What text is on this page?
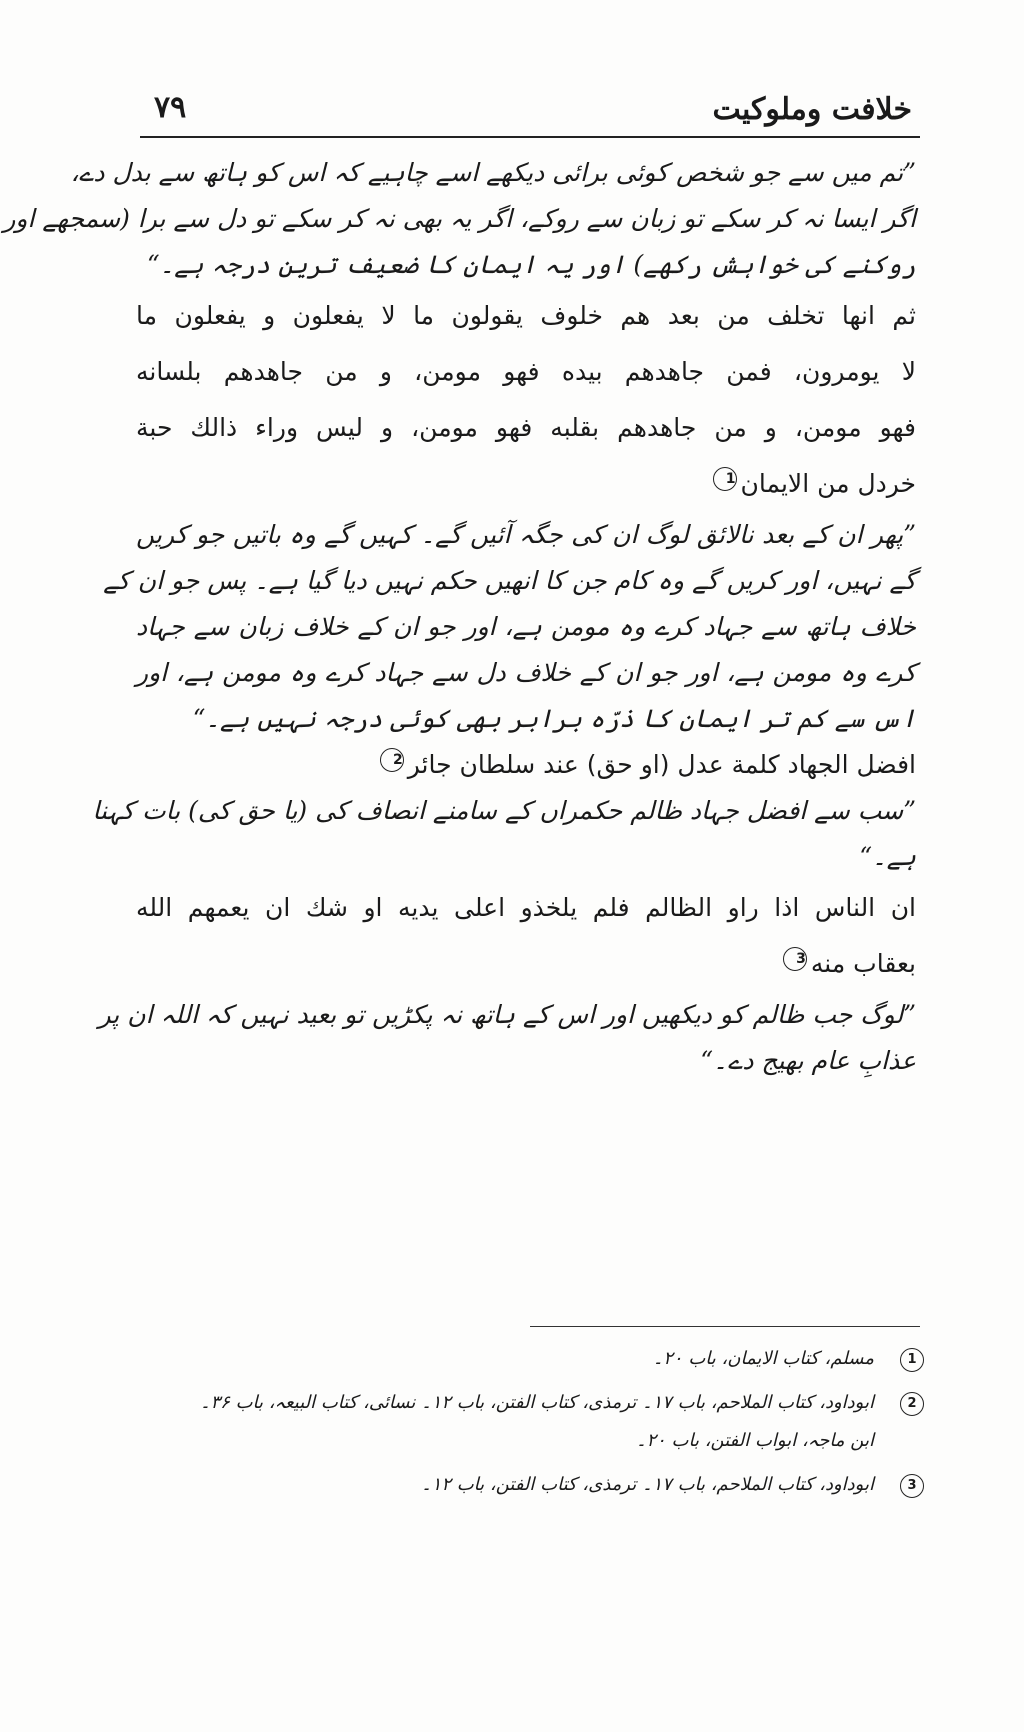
خلافت وملوکیت
۷۹
”تم میں سے جو شخص کوئی برائی دیکھے اسے چاہیے کہ اس کو ہاتھ سے بدل دے،
اگر ایسا نہ کر سکے تو زبان سے روکے، اگر یہ بھی نہ کر سکے تو دل سے برا (سمجھے اور
روکنے کی خواہش رکھے) اور یہ ایمان کا ضعیف ترین درجہ ہے۔“
ثم انها تخلف من بعد هم خلوف يقولون ما لا يفعلون و يفعلون ما
لا يومرون، فمن جاهدهم بيده فهو مومن، و من جاهدهم بلسانه
فهو مومن، و من جاهدهم بقلبه فهو مومن، و ليس وراء ذالك حبة
خردل من الايمان1
”پھر ان کے بعد نالائق لوگ ان کی جگہ آئیں گے۔ کہیں گے وہ باتیں جو کریں
گے نہیں، اور کریں گے وہ کام جن کا انھیں حکم نہیں دیا گیا ہے۔ پس جو ان کے
خلاف ہاتھ سے جہاد کرے وہ مومن ہے، اور جو ان کے خلاف زبان سے جہاد
کرے وہ مومن ہے، اور جو ان کے خلاف دل سے جہاد کرے وہ مومن ہے، اور
اس سے کم تر ایمان کا ذرّہ برابر بھی کوئی درجہ نہیں ہے۔“
افضل الجهاد كلمة عدل (او حق) عند سلطان جائر2
”سب سے افضل جہاد ظالم حکمراں کے سامنے انصاف کی (یا حق کی) بات کہنا
ہے۔“
ان الناس اذا راو الظالم فلم يلخذو اعلى يديه او شك ان يعمهم الله
بعقاب منه3
”لوگ جب ظالم کو دیکھیں اور اس کے ہاتھ نہ پکڑیں تو بعید نہیں کہ اللہ ان پر
عذابِ عام بھیج دے۔“
1
مسلم، کتاب الایمان، باب ۲۰۔
2
ابوداود، کتاب الملاحم، باب ۱۷۔ ترمذی، کتاب الفتن، باب ۱۲۔ نسائی، کتاب البیعہ، باب ۳۶۔
ابن ماجہ، ابواب الفتن، باب ۲۰۔
3
ابوداود، کتاب الملاحم، باب ۱۷۔ ترمذی، کتاب الفتن، باب ۱۲۔
